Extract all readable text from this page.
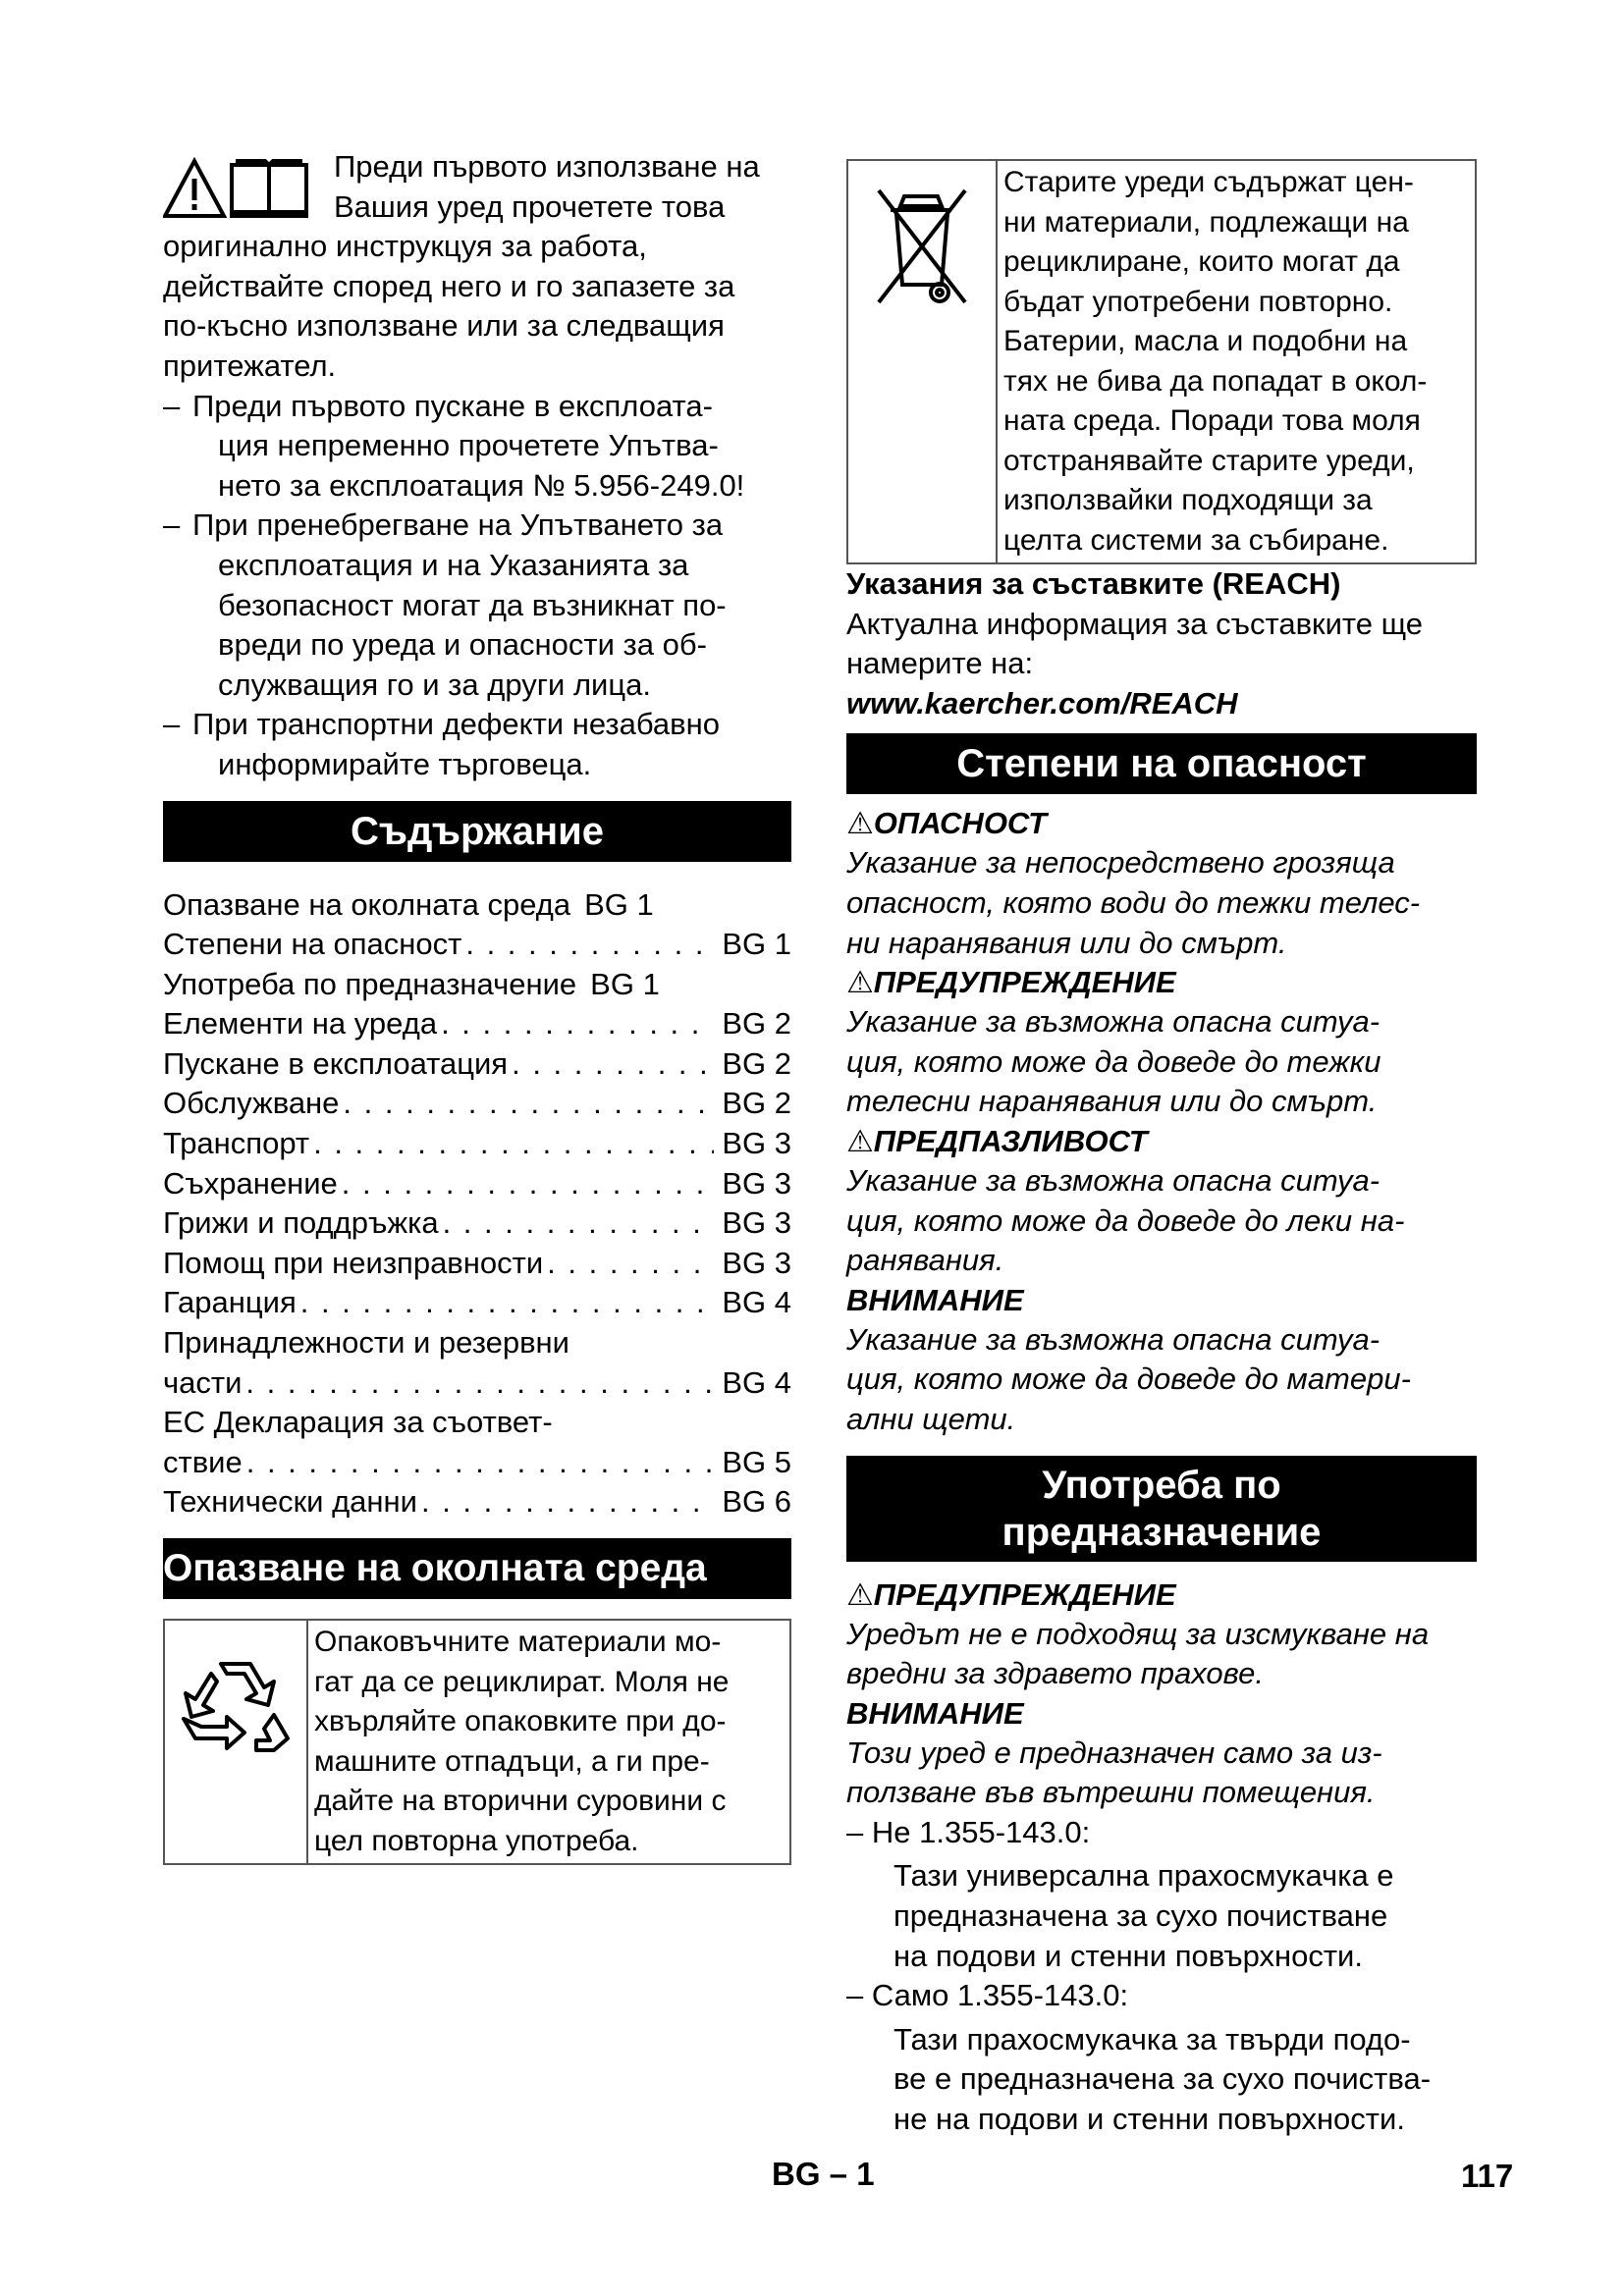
Преди първото използване на

Вашия уред прочетете това

оригинално инструкцуя за работа,

действайте според него и го запазете за

по-късно използване или за следващия

притежател.

– Преди първото пускане в експлоата-
ция непременно прочетете Упътва-
нето за експлоатация № 5.956-249.0!
– При пренебрегване на Упътването за
експлоатация и на Указанията за
безопасност могат да възникнат по-
вреди по уреда и опасности за об-
служващия го и за други лица.
– При транспортни дефекти незабавно
информирайте търговеца.
Съдържание
Опазване на околната среда BG 1
Степени на опасност . . .	BG 1
Употреба по предназначение BG 1
Елементи на уреда . . .	BG 2
Пускане в експлоатация . . .	BG 2
Обслужване . . .	BG 2
Транспорт . . .	BG 3
Съхранение . . .	BG 3
Грижи и поддръжка . . .	BG 3
Помощ при неизправности . . .	BG 3
Гаранция . . .	BG 4
Принадлежности и резервни
части . . .	BG 4
ЕС Декларация за съответ-
ствие . . .	BG 5
Технически данни . . .	BG 6
Опазване на околната среда
Опаковъчните материали мо-
гат да се рециклират. Моля не
хвърляйте опаковките при до-
машните отпадъци, а ги пре-
дайте на вторични суровини с
цел повторна употреба.
Старите уреди съдържат цен-
ни материали, подлежащи на
рециклиране, които могат да
бъдат употребени повторно.
Батерии, масла и подобни на
тях не бива да попадат в окол-
ната среда. Поради това моля
отстранявайте старите уреди,
използвайки подходящи за
целта системи за събиране.

Указания за съставките (REACH)

Актуална информация за съставките ще

намерите на:

www.kaercher.com/REACH

Степени на опасност

⚠ОПАСНОСТ

Указание за непосредствено грозяща

опасност, която води до тежки телес-

ни наранявания или до смърт.

⚠ПРЕДУПРЕЖДЕНИЕ

Указание за възможна опасна ситуа-

ция, която може да доведе до тежки

телесни наранявания или до смърт.

⚠ПРЕДПАЗЛИВОСТ

Указание за възможна опасна ситуа-

ция, която може да доведе до леки на-

ранявания.

ВНИМАНИЕ

Указание за възможна опасна ситуа-

ция, която може да доведе до матери-

ални щети.

Употреба по
предназначение

⚠ПРЕДУПРЕЖДЕНИЕ

Уредът не е подходящ за изсмукване на

вредни за здравето прахове.

ВНИМАНИЕ

Този уред е предназначен само за из-

ползване във вътрешни помещения.

– Не 1.355-143.0:

Тази универсална прахосмукачка е

предназначена за сухо почистване

на подови и стенни повърхности.

– Само 1.355-143.0:

Тази прахосмукачка за твърди подо-

ве е предназначена за сухо почиства-

не на подови и стенни повърхности.

BG – 1	117
